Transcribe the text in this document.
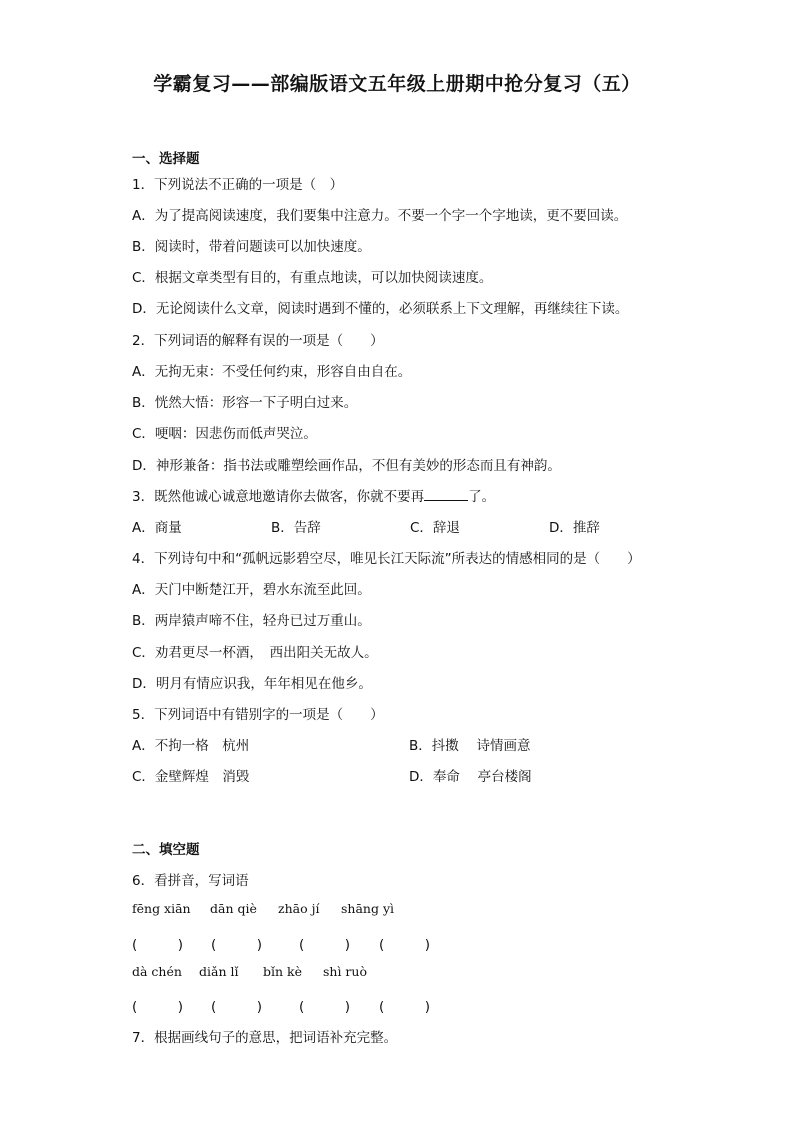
学霸复习——部编版语文五年级上册期中抢分复习（五）
一、选择题
1．下列说法不正确的一项是（　）
A．为了提高阅读速度，我们要集中注意力。不要一个字一个字地读，更不要回读。
B．阅读时，带着问题读可以加快速度。
C．根据文章类型有目的，有重点地读，可以加快阅读速度。
D．无论阅读什么文章，阅读时遇到不懂的，必须联系上下文理解，再继续往下读。
2．下列词语的解释有误的一项是（　　）
A．无拘无束：不受任何约束，形容自由自在。
B．恍然大悟：形容一下子明白过来。
C．哽咽：因悲伤而低声哭泣。
D．神形兼备：指书法或雕塑绘画作品，不但有美妙的形态而且有神韵。
3．既然他诚心诚意地邀请你去做客，你就不要再	了。
A．商量	B．告辞	C．辞退	D．推辞
4．下列诗句中和“孤帆远影碧空尽，唯见长江天际流”所表达的情感相同的是（　　）
A．天门中断楚江开，碧水东流至此回。
B．两岸猿声啼不住，轻舟已过万重山。
C．劝君更尽一杯酒，　西出阳关无故人。
D．明月有情应识我，年年相见在他乡。
5．下列词语中有错别字的一项是（　　）
A．不拘一格　杭州	B．抖擞　 诗情画意
C．金壁辉煌　消毁	D．奉命　 亭台楼阁
二、填空题
6．看拼音，写词语
fēng xiān dān qiè zhāo jí shāng yì
(　　　) (　　　)	(　　　) (　　　)
dà chén diǎn lǐ bǐn kè shì ruò
(　　　) (　　　)	(　　　) (　　　)
7．根据画线句子的意思，把词语补充完整。
